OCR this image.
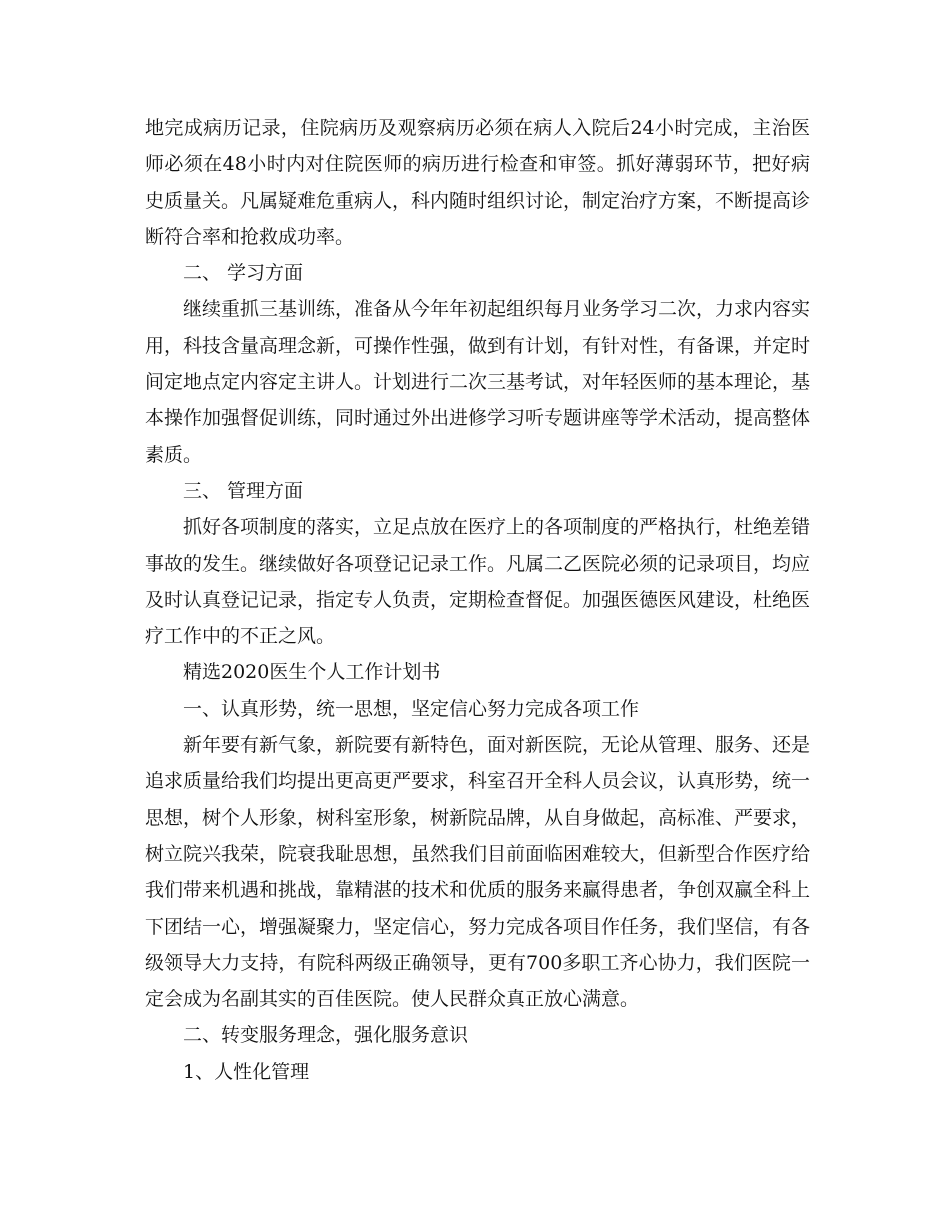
地完成病历记录，住院病历及观察病历必须在病人入院后24小时完成，主治医师必须在48小时内对住院医师的病历进行检查和审签。抓好薄弱环节，把好病史质量关。凡属疑难危重病人，科内随时组织讨论，制定治疗方案，不断提高诊断符合率和抢救成功率。

二、 学习方面

继续重抓三基训练，准备从今年年初起组织每月业务学习二次，力求内容实用，科技含量高理念新，可操作性强，做到有计划，有针对性，有备课，并定时间定地点定内容定主讲人。计划进行二次三基考试，对年轻医师的基本理论，基本操作加强督促训练，同时通过外出进修学习听专题讲座等学术活动，提高整体素质。

三、 管理方面

抓好各项制度的落实，立足点放在医疗上的各项制度的严格执行，杜绝差错事故的发生。继续做好各项登记记录工作。凡属二乙医院必须的记录项目，均应及时认真登记记录，指定专人负责，定期检查督促。加强医德医风建设，杜绝医疗工作中的不正之风。

精选2020医生个人工作计划书

一、认真形势，统一思想，坚定信心努力完成各项工作

新年要有新气象，新院要有新特色，面对新医院，无论从管理、服务、还是追求质量给我们均提出更高更严要求，科室召开全科人员会议，认真形势，统一思想，树个人形象，树科室形象，树新院品牌，从自身做起，高标准、严要求，树立院兴我荣，院衰我耻思想，虽然我们目前面临困难较大，但新型合作医疗给我们带来机遇和挑战，靠精湛的技术和优质的服务来赢得患者，争创双赢全科上下团结一心，增强凝聚力，坚定信心，努力完成各项目作任务，我们坚信，有各级领导大力支持，有院科两级正确领导，更有700多职工齐心协力，我们医院一定会成为名副其实的百佳医院。使人民群众真正放心满意。

二、转变服务理念，强化服务意识

1、人性化管理
